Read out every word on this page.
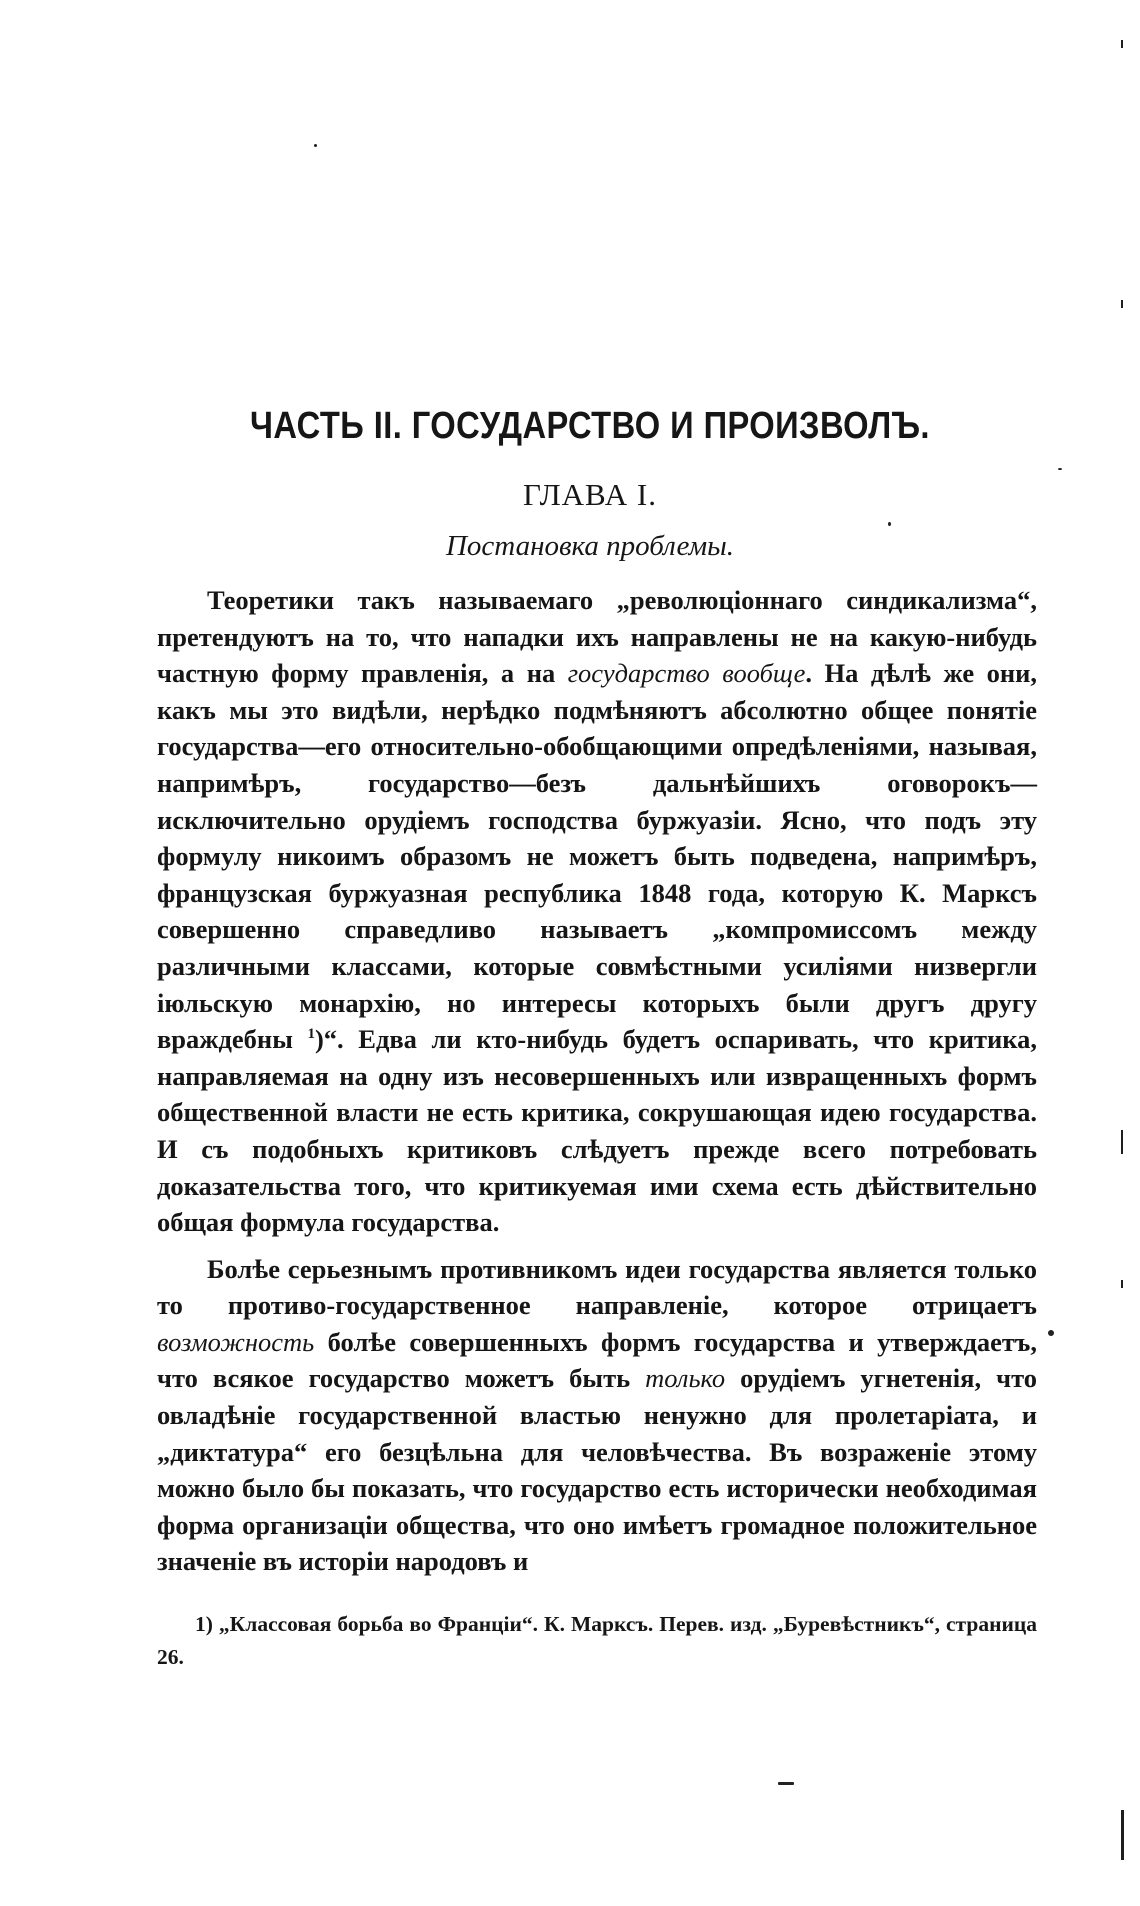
ЧАСТЬ II. ГОСУДАРСТВО И ПРОИЗВОЛЪ.
ГЛАВА I.
Постановка проблемы.

Теоретики такъ называемаго „революціоннаго синдикализма“, претендуютъ на то, что нападки ихъ направлены не на какую-нибудь частную форму правленія, а на государство вообще. На дѣлѣ же они, какъ мы это видѣли, нерѣдко подмѣняютъ абсолютно общее понятіе государства—его относительно-обобщающими опредѣленіями, называя, напримѣръ, государство—безъ дальнѣйшихъ оговорокъ—исключительно орудіемъ господства буржуазіи. Ясно, что подъ эту формулу никоимъ образомъ не можетъ быть подведена, напримѣръ, французская буржуазная республика 1848 года, которую К. Марксъ совершенно справедливо называетъ „компромиссомъ между различными классами, которые совмѣстными усиліями низвергли іюльскую монархію, но интересы которыхъ были другъ другу враждебны $^1$)“. Едва ли кто-нибудь будетъ оспаривать, что критика, направляемая на одну изъ несовершенныхъ или извращенныхъ формъ общественной власти не есть критика, сокрушающая идею государства. И съ подобныхъ критиковъ слѣдуетъ прежде всего потребовать доказательства того, что критикуемая ими схема есть дѣйствительно общая формула государства.

Болѣе серьезнымъ противникомъ идеи государства является только то противо-государственное направленіе, которое отрицаетъ возможность болѣе совершенныхъ формъ государства и утверждаетъ, что всякое государство можетъ быть только орудіемъ угнетенія, что овладѣніе государственной властью ненужно для пролетаріата, и „диктатура“ его безцѣльна для человѣчества. Въ возраженіе этому можно было бы показать, что государство есть исторически необходимая форма организаціи общества, что оно имѣетъ громадное положительное значеніе въ исторіи народовъ и

1) „Классовая борьба во Франціи“. К. Марксъ. Перев. изд. „Буревѣстникъ“, страница 26.
